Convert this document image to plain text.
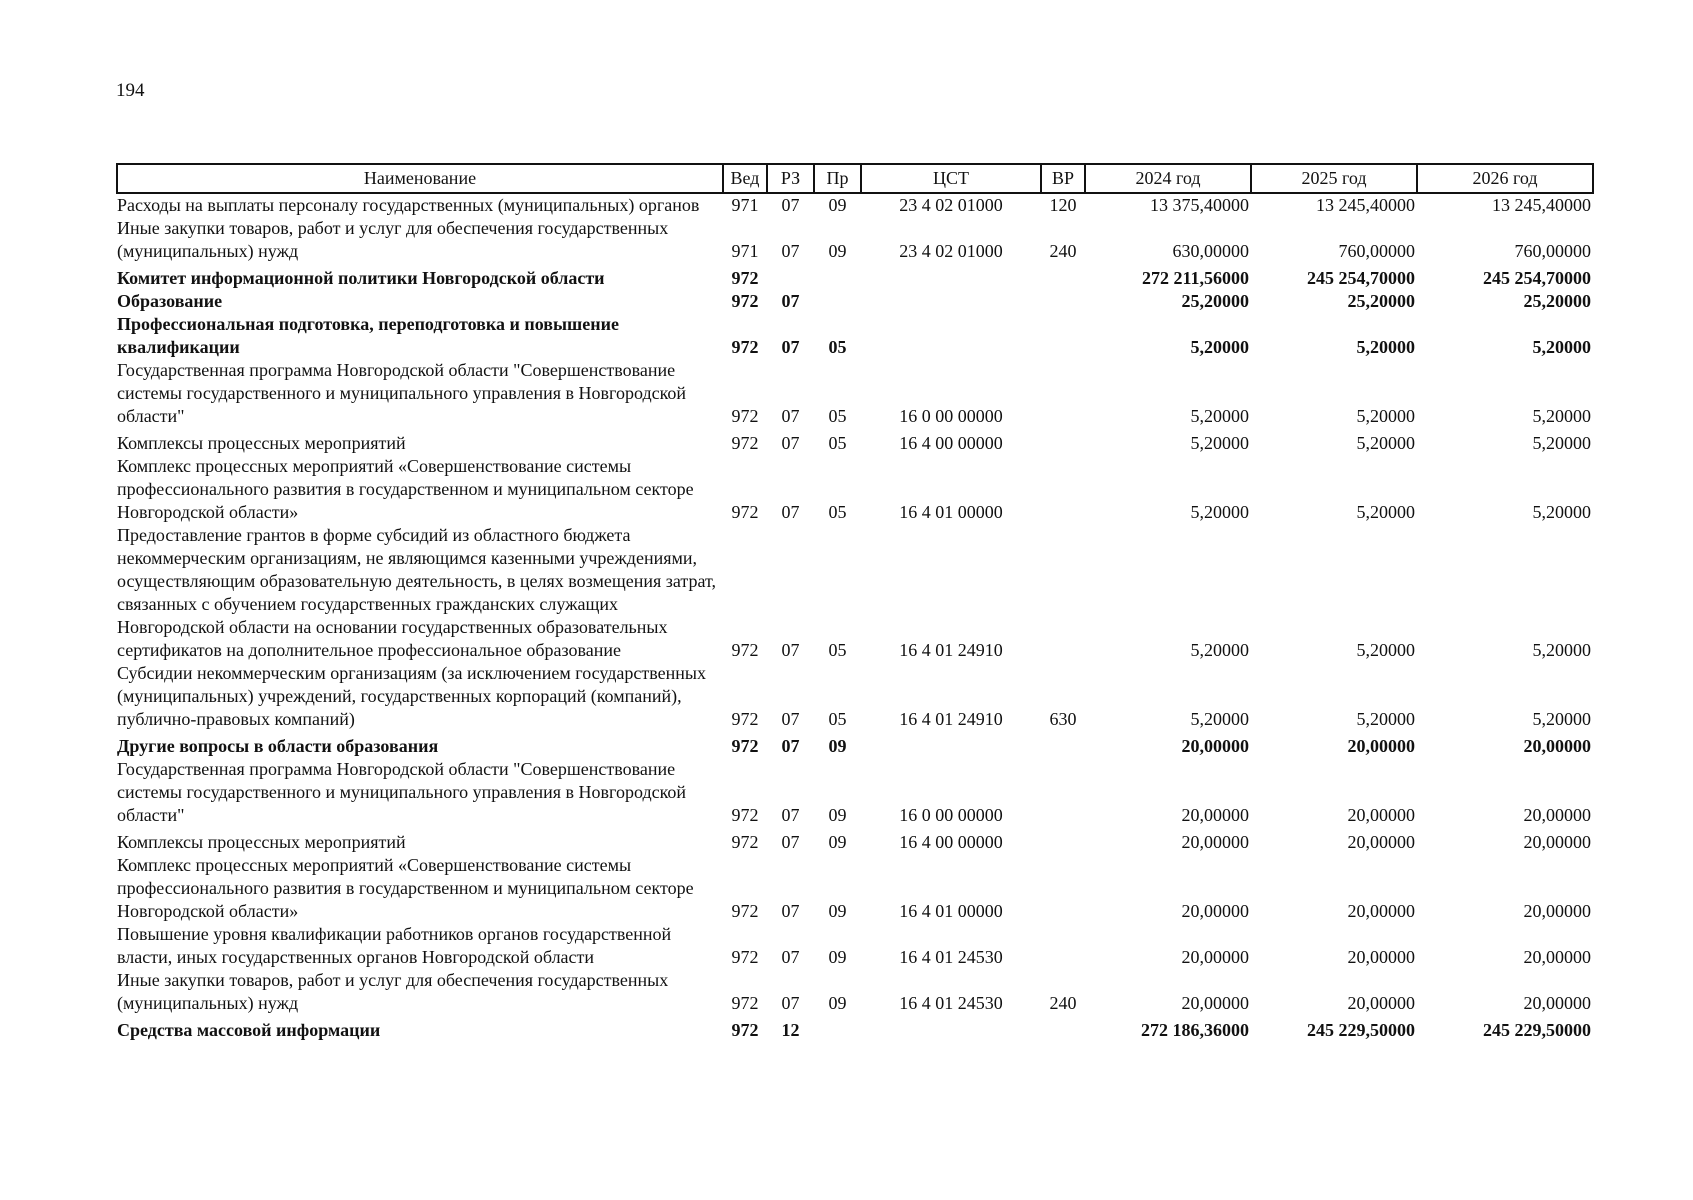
194
Наименование	Вед	РЗ	Пр	ЦСТ	ВР	2024 год	2025 год	2026 год
Расходы на выплаты персоналу государственных (муниципальных) органов	971	07	09	23 4 02 01000	120	13 375,40000	13 245,40000	13 245,40000
Иные закупки товаров, работ и услуг для обеспечения государственных (муниципальных) нужд	971	07	09	23 4 02 01000	240	630,00000	760,00000	760,00000
Комитет информационной политики Новгородской области	972					272 211,56000	245 254,70000	245 254,70000
Образование	972	07				25,20000	25,20000	25,20000
Профессиональная подготовка, переподготовка и повышение квалификации	972	07	05			5,20000	5,20000	5,20000
Государственная программа Новгородской области "Совершенствование системы государственного и муниципального управления в Новгородской области"	972	07	05	16 0 00 00000		5,20000	5,20000	5,20000
Комплексы процессных мероприятий	972	07	05	16 4 00 00000		5,20000	5,20000	5,20000
Комплекс процессных мероприятий «Совершенствование системы профессионального развития в государственном и муниципальном секторе Новгородской области»	972	07	05	16 4 01 00000		5,20000	5,20000	5,20000
Предоставление грантов в форме субсидий из областного бюджета некоммерческим организациям, не являющимся казенными учреждениями, осуществляющим образовательную деятельность, в целях возмещения затрат, связанных с обучением государственных гражданских служащих Новгородской области на основании государственных образовательных сертификатов на дополнительное профессиональное образование	972	07	05	16 4 01 24910		5,20000	5,20000	5,20000
Субсидии некоммерческим организациям (за исключением государственных (муниципальных) учреждений, государственных корпораций (компаний), публично-правовых компаний)	972	07	05	16 4 01 24910	630	5,20000	5,20000	5,20000
Другие вопросы в области образования	972	07	09			20,00000	20,00000	20,00000
Государственная программа Новгородской области "Совершенствование системы государственного и муниципального управления в Новгородской области"	972	07	09	16 0 00 00000		20,00000	20,00000	20,00000
Комплексы процессных мероприятий	972	07	09	16 4 00 00000		20,00000	20,00000	20,00000
Комплекс процессных мероприятий «Совершенствование системы профессионального развития в государственном и муниципальном секторе Новгородской области»	972	07	09	16 4 01 00000		20,00000	20,00000	20,00000
Повышение уровня квалификации работников органов государственной власти, иных государственных органов Новгородской области	972	07	09	16 4 01 24530		20,00000	20,00000	20,00000
Иные закупки товаров, работ и услуг для обеспечения государственных (муниципальных) нужд	972	07	09	16 4 01 24530	240	20,00000	20,00000	20,00000
Средства массовой информации	972	12				272 186,36000	245 229,50000	245 229,50000
